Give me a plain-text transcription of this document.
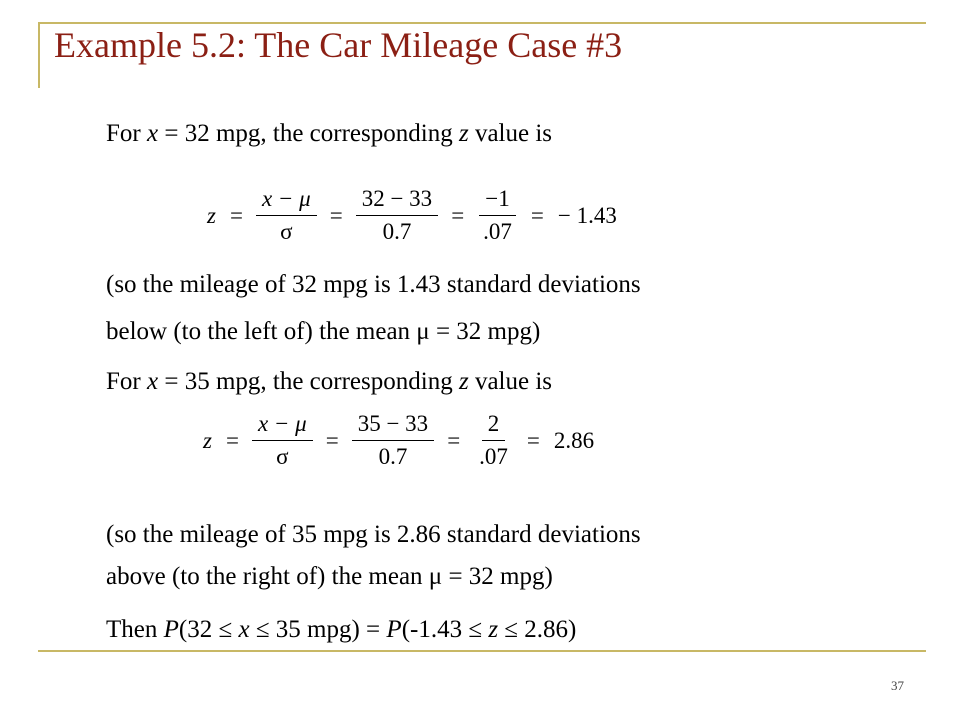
Example 5.2: The Car Mileage Case #3
For x = 32 mpg, the corresponding z value is
$z = \frac{x - \mu}{\sigma} = \frac{32 - 33}{0.7} = \frac{-1}{.07}$ = − 1.43
(so the mileage of 32 mpg is 1.43 standard deviations
below (to the left of) the mean μ = 32 mpg)
For x = 35 mpg, the corresponding z value is
$z = \frac{x - \mu}{\sigma} = \frac{35 - 33}{0.7} = \frac{2}{.07} = 2.86$
(so the mileage of 35 mpg is 2.86 standard deviations
above (to the right of) the mean μ = 32 mpg)
Then P(32 ≤ x ≤ 35 mpg) = P(-1.43 ≤ z ≤ 2.86)
37
